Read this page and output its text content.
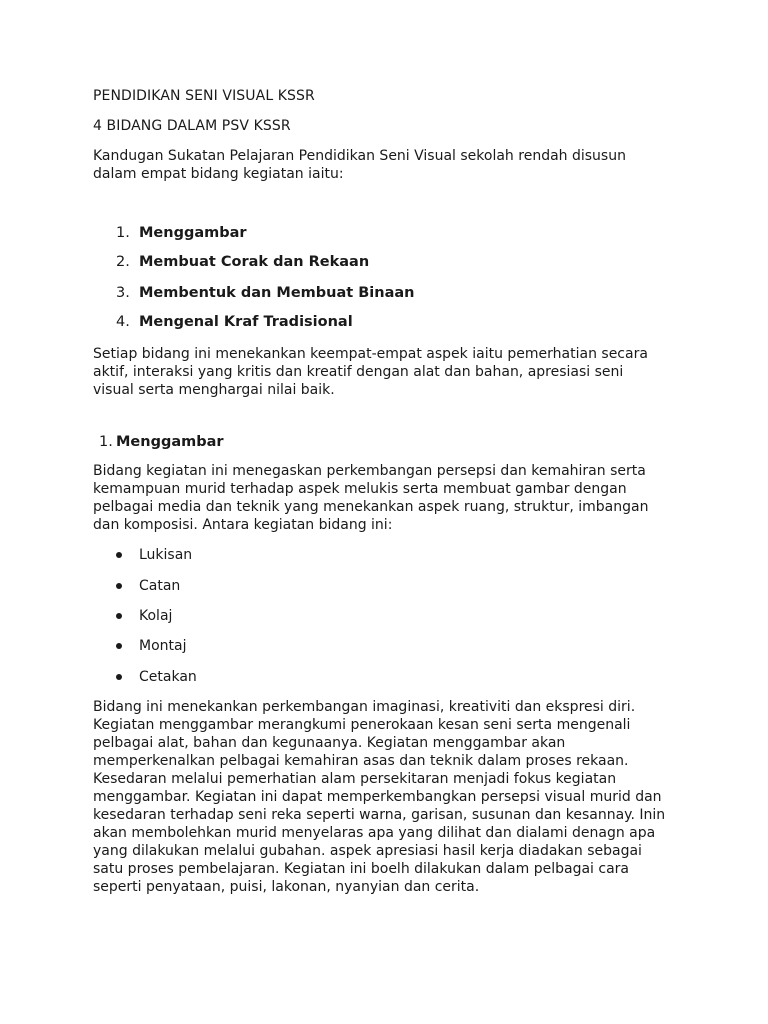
PENDIDIKAN SENI VISUAL KSSR

4 BIDANG DALAM PSV KSSR

Kandugan Sukatan Pelajaran Pendidikan Seni Visual sekolah rendah disusun

dalam empat bidang kegiatan iaitu:

1. Menggambar
2. Membuat Corak dan Rekaan
3. Membentuk dan Membuat Binaan
4. Mengenal Kraf Tradisional

Setiap bidang ini menekankan keempat-empat aspek iaitu pemerhatian secara

aktif, interaksi yang kritis dan kreatif dengan alat dan bahan, apresiasi seni

visual serta menghargai nilai baik.

1. Menggambar

Bidang kegiatan ini menegaskan perkembangan persepsi dan kemahiran serta

kemampuan murid terhadap aspek melukis serta membuat gambar dengan

pelbagai media dan teknik yang menekankan aspek ruang, struktur, imbangan

dan komposisi. Antara kegiatan bidang ini:

Lukisan
Catan
Kolaj
Montaj
Cetakan

Bidang ini menekankan perkembangan imaginasi, kreativiti dan ekspresi diri.

Kegiatan menggambar merangkumi penerokaan kesan seni serta mengenali

pelbagai alat, bahan dan kegunaanya. Kegiatan menggambar akan

memperkenalkan pelbagai kemahiran asas dan teknik dalam proses rekaan.

Kesedaran melalui pemerhatian alam persekitaran menjadi fokus kegiatan

menggambar. Kegiatan ini dapat memperkembangkan persepsi visual murid dan

kesedaran terhadap seni reka seperti warna, garisan, susunan dan kesannay. Inin

akan membolehkan murid menyelaras apa yang dilihat dan dialami denagn apa

yang dilakukan melalui gubahan. aspek apresiasi hasil kerja diadakan sebagai

satu proses pembelajaran. Kegiatan ini boelh dilakukan dalam pelbagai cara

seperti penyataan, puisi, lakonan, nyanyian dan cerita.
